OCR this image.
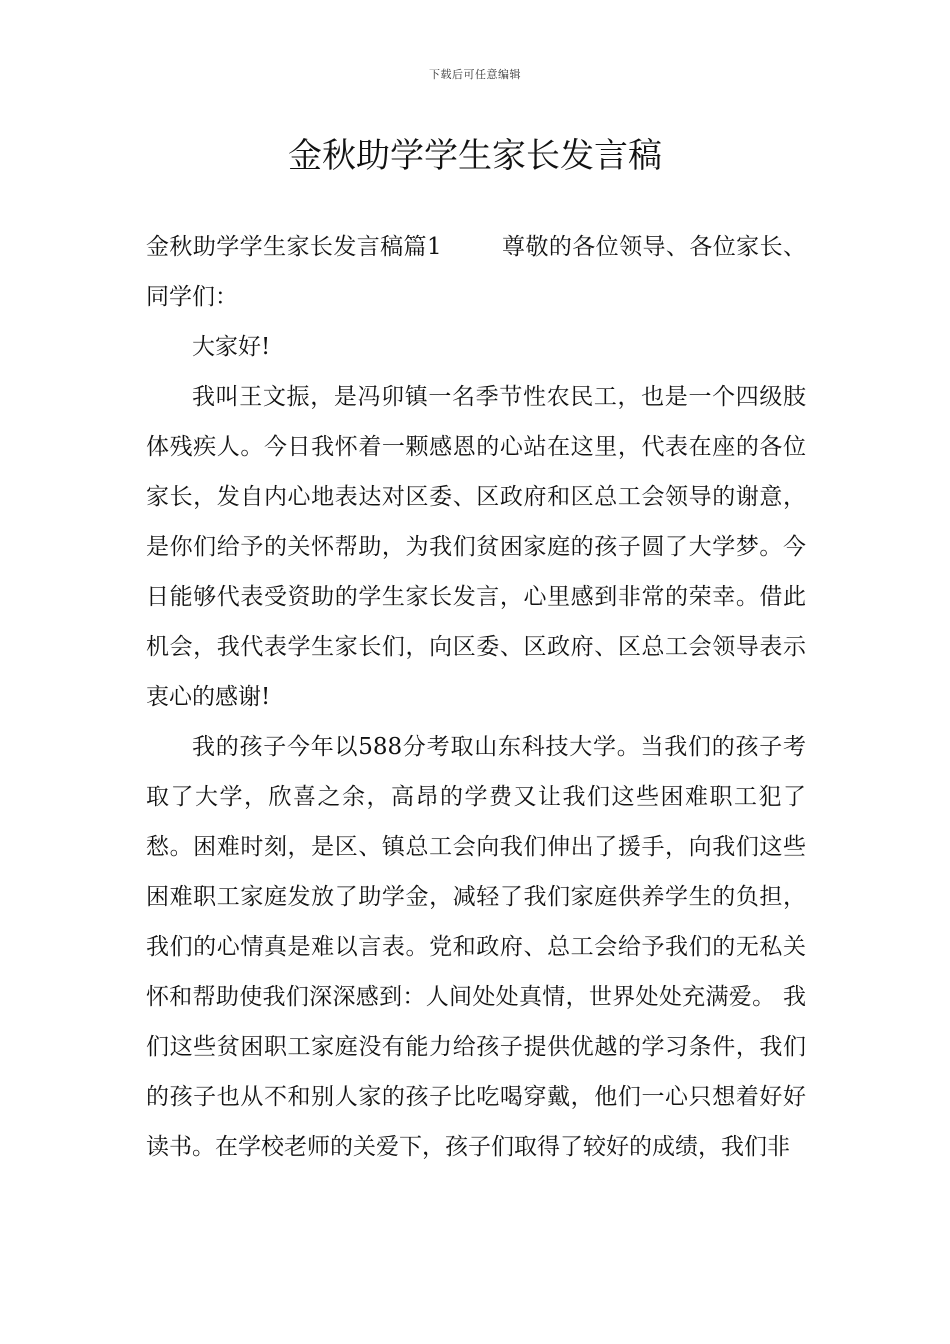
下载后可任意编辑
金秋助学学生家长发言稿

金秋助学学生家长发言稿篇1	尊敬的各位领导、各位家长、同学们：

大家好!

我叫王文振，是冯卯镇一名季节性农民工，也是一个四级肢体残疾人。今日我怀着一颗感恩的心站在这里，代表在座的各位家长，发自内心地表达对区委、区政府和区总工会领导的谢意，是你们给予的关怀帮助，为我们贫困家庭的孩子圆了大学梦。今日能够代表受资助的学生家长发言，心里感到非常的荣幸。借此机会，我代表学生家长们，向区委、区政府、区总工会领导表示衷心的感谢!

我的孩子今年以588分考取山东科技大学。当我们的孩子考取了大学，欣喜之余，高昂的学费又让我们这些困难职工犯了愁。困难时刻，是区、镇总工会向我们伸出了援手，向我们这些困难职工家庭发放了助学金，减轻了我们家庭供养学生的负担，我们的心情真是难以言表。党和政府、总工会给予我们的无私关怀和帮助使我们深深感到：人间处处真情，世界处处充满爱。 我们这些贫困职工家庭没有能力给孩子提供优越的学习条件，我们的孩子也从不和别人家的孩子比吃喝穿戴，他们一心只想着好好读书。在学校老师的关爱下，孩子们取得了较好的成绩，我们非
